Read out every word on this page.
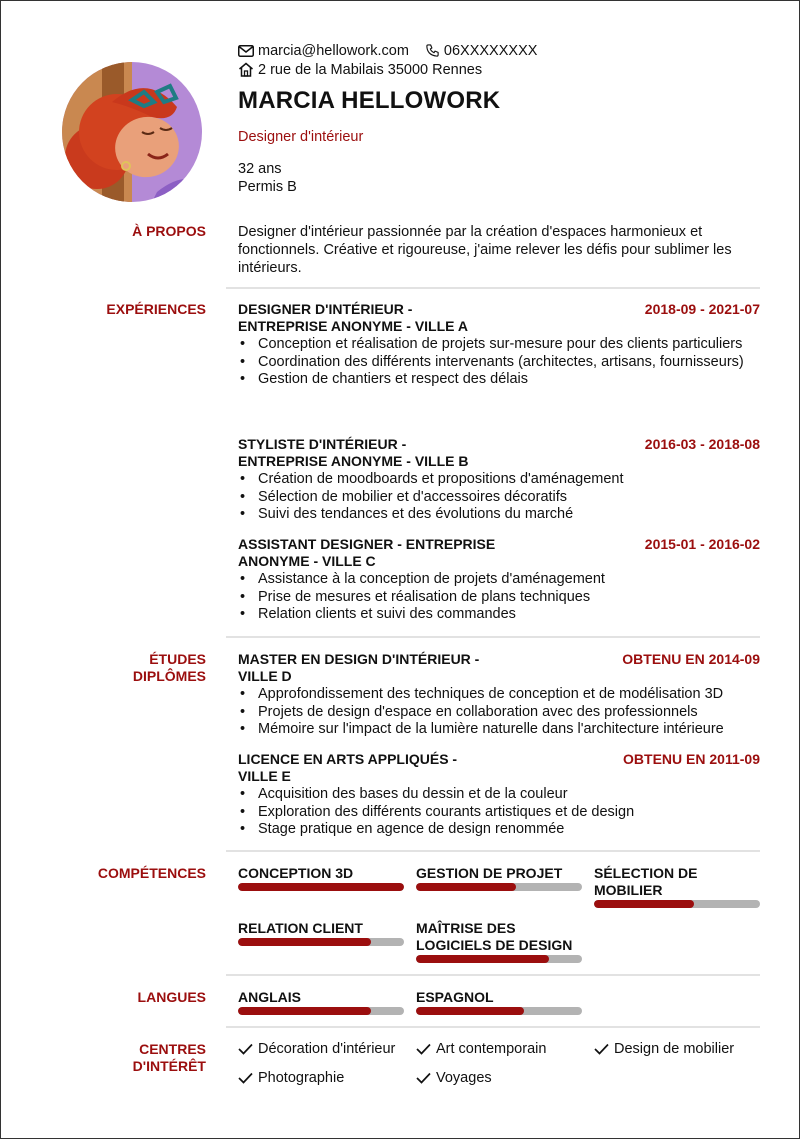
marcia@hellowork.com 06XXXXXXXX
2 rue de la Mabilais 35000 Rennes
MARCIA HELLOWORK
Designer d'intérieur
32 ans
Permis B
À PROPOS Designer d'intérieur passionnée par la création d'espaces harmonieux et fonctionnels. Créative et rigoureuse, j'aime relever les défis pour sublimer les intérieurs.
EXPÉRIENCES DESIGNER D'INTÉRIEUR - ENTREPRISE ANONYME - VILLE A
2018-09 - 2021-07
• Conception et réalisation de projets sur-mesure pour des clients particuliers
• Coordination des différents intervenants (architectes, artisans, fournisseurs)
• Gestion de chantiers et respect des délais
STYLISTE D'INTÉRIEUR - ENTREPRISE ANONYME - VILLE B
2016-03 - 2018-08
• Création de moodboards et propositions d'aménagement
• Sélection de mobilier et d'accessoires décoratifs
• Suivi des tendances et des évolutions du marché
ASSISTANT DESIGNER - ENTREPRISE ANONYME - VILLE C
2015-01 - 2016-02
• Assistance à la conception de projets d'aménagement
• Prise de mesures et réalisation de plans techniques
• Relation clients et suivi des commandes
ÉTUDES
DIPLÔMES
MASTER EN DESIGN D'INTÉRIEUR - VILLE D
OBTENU EN 2014-09
• Approfondissement des techniques de conception et de modélisation 3D
• Projets de design d'espace en collaboration avec des professionnels
• Mémoire sur l'impact de la lumière naturelle dans l'architecture intérieure
LICENCE EN ARTS APPLIQUÉS - VILLE E
OBTENU EN 2011-09
• Acquisition des bases du dessin et de la couleur
• Exploration des différents courants artistiques et de design
• Stage pratique en agence de design renommée
COMPÉTENCES CONCEPTION 3D	GESTION DE PROJET	SÉLECTION DE MOBILIER
RELATION CLIENT	MAÎTRISE DES LOGICIELS DE DESIGN
LANGUES ANGLAIS	ESPAGNOL
CENTRES
D'INTÉRÊT
Décoration d'intérieur	Art contemporain	Design de mobilier
Photographie	Voyages
